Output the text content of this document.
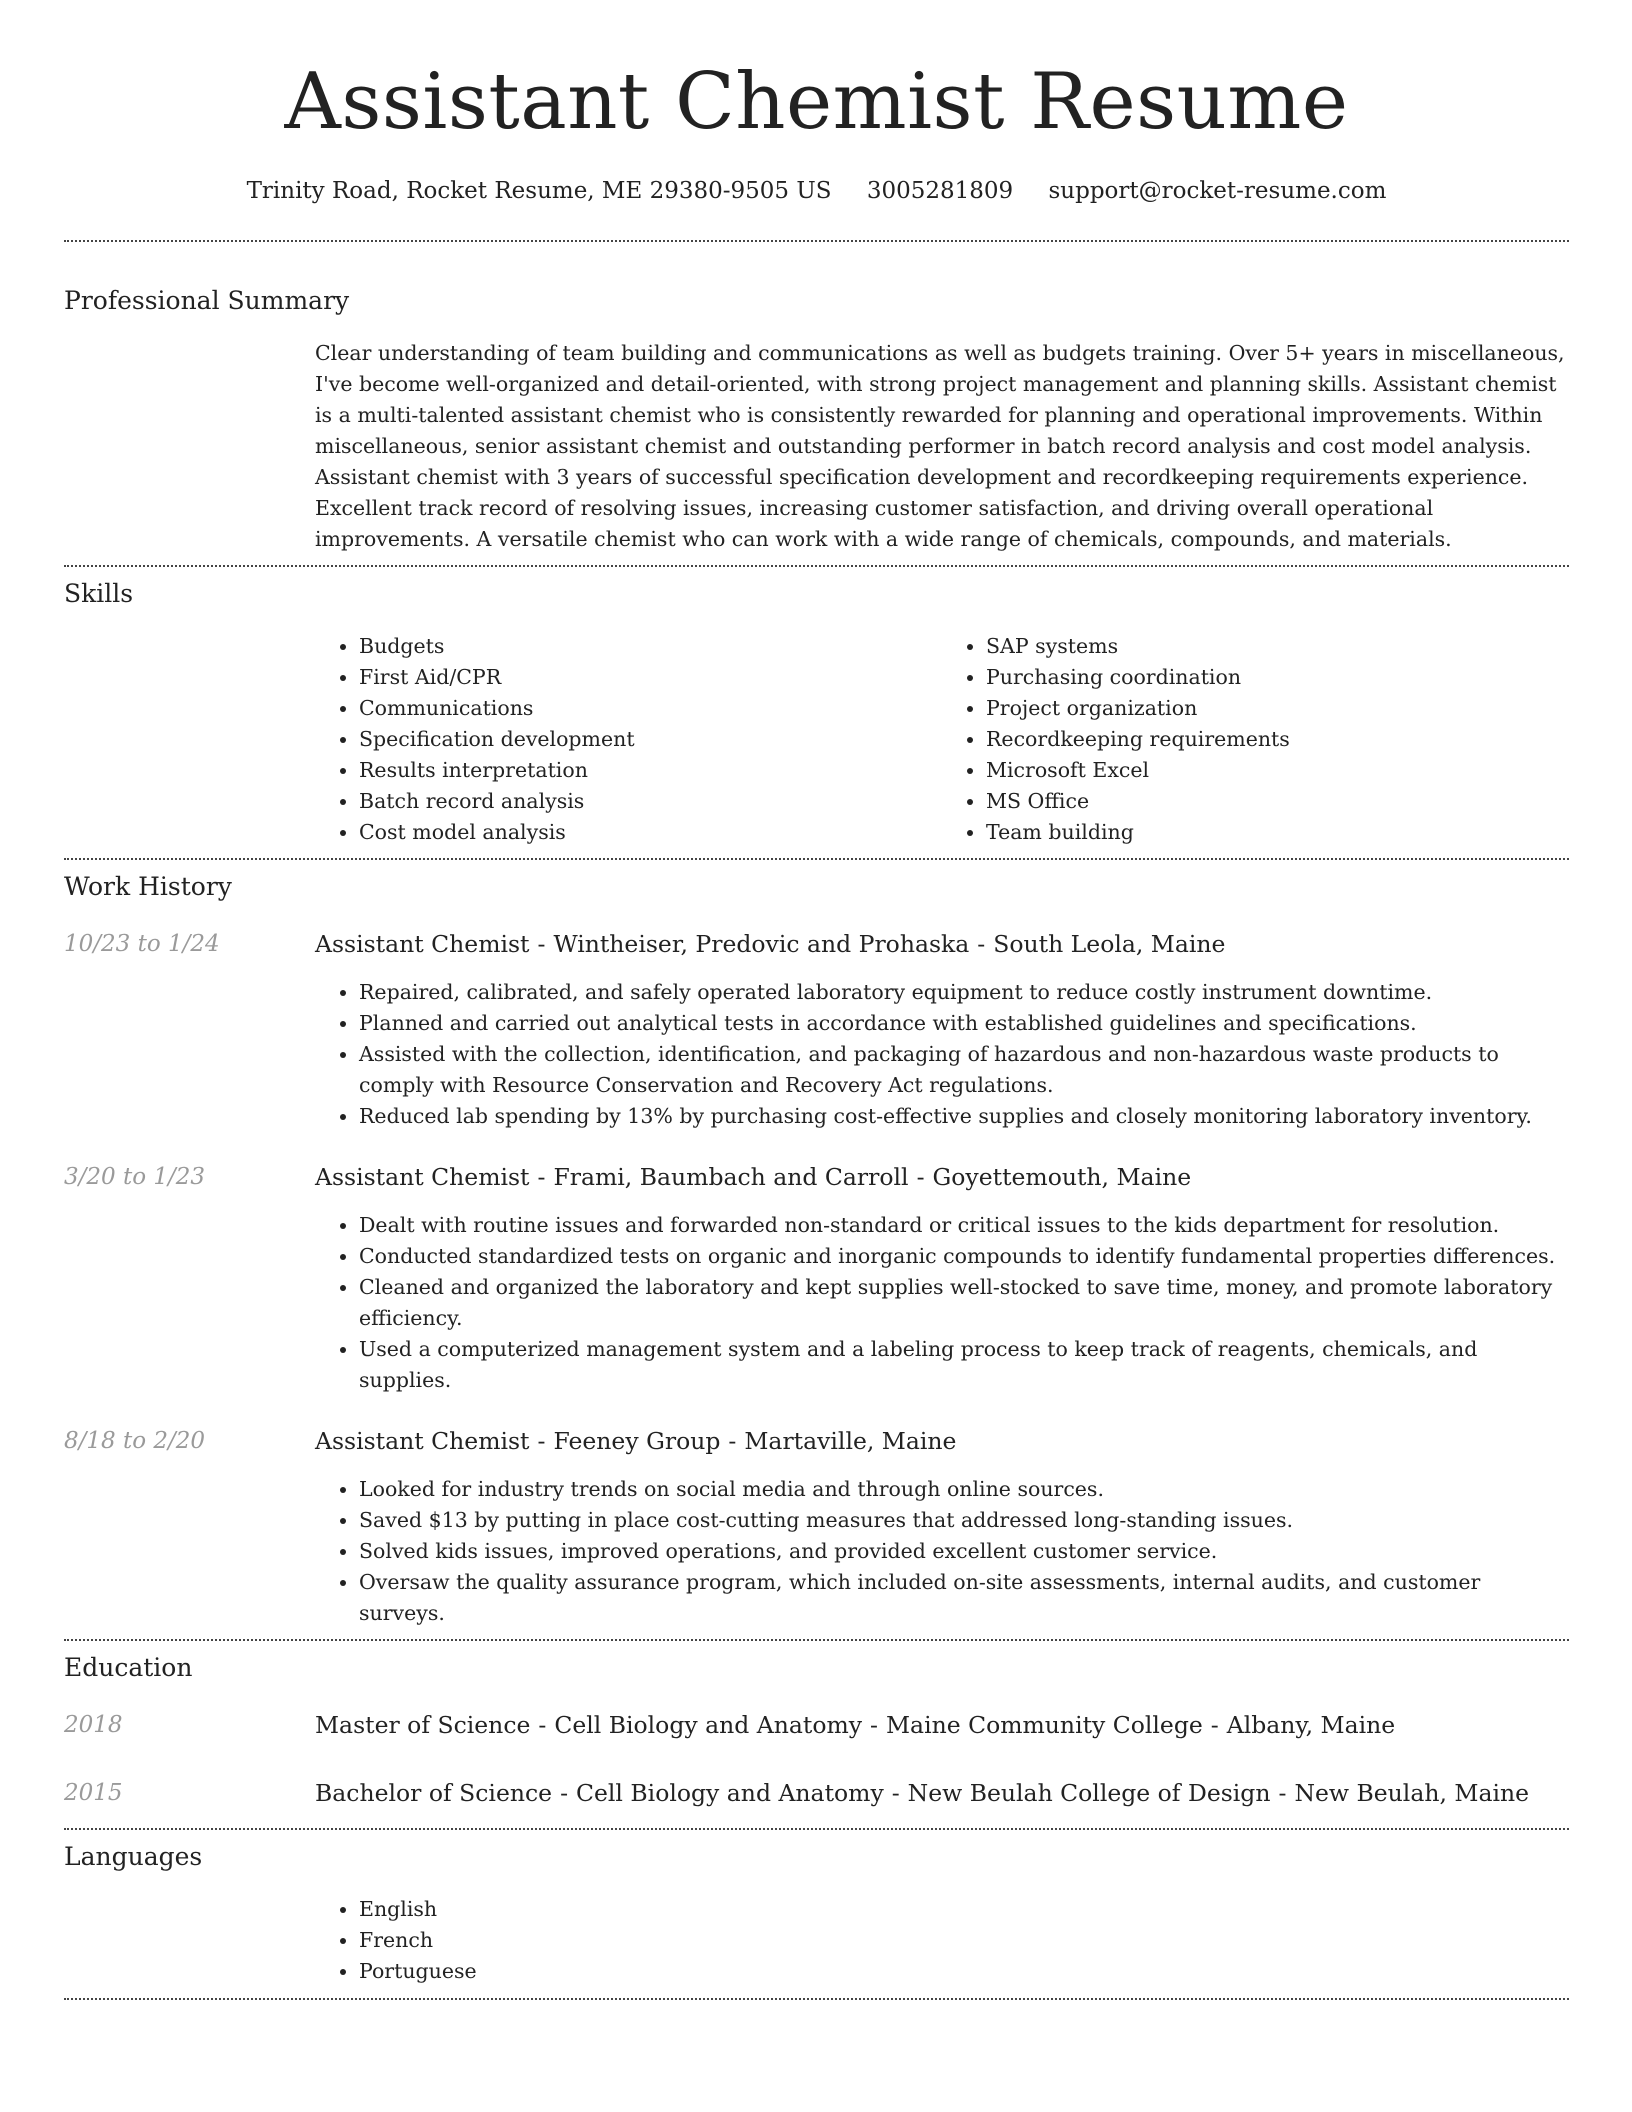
Assistant Chemist Resume
Trinity Road, Rocket Resume, ME 29380-9505 US 3005281809 support@rocket-resume.com
Professional Summary

Clear understanding of team building and communications as well as budgets training. Over 5+ years in miscellaneous, I've become well-organized and detail-oriented, with strong project management and planning skills. Assistant chemist is a multi-talented assistant chemist who is consistently rewarded for planning and operational improvements. Within miscellaneous, senior assistant chemist and outstanding performer in batch record analysis and cost model analysis. Assistant chemist with 3 years of successful specification development and recordkeeping requirements experience. Excellent track record of resolving issues, increasing customer satisfaction, and driving overall operational improvements. A versatile chemist who can work with a wide range of chemicals, compounds, and materials.

Skills
• Budgets
• First Aid/CPR
• Communications
• Specification development
• Results interpretation
• Batch record analysis
• Cost model analysis
• SAP systems
• Purchasing coordination
• Project organization
• Recordkeeping requirements
• Microsoft Excel
• MS Office
• Team building
Work History
10/23 to 1/24	Assistant Chemist - Wintheiser, Predovic and Prohaska - South Leola, Maine
• Repaired, calibrated, and safely operated laboratory equipment to reduce costly instrument downtime.
• Planned and carried out analytical tests in accordance with established guidelines and specifications.
• Assisted with the collection, identification, and packaging of hazardous and non-hazardous waste products to comply with Resource Conservation and Recovery Act regulations.
• Reduced lab spending by 13% by purchasing cost-effective supplies and closely monitoring laboratory inventory.
3/20 to 1/23	Assistant Chemist - Frami, Baumbach and Carroll - Goyettemouth, Maine
• Dealt with routine issues and forwarded non-standard or critical issues to the kids department for resolution.
• Conducted standardized tests on organic and inorganic compounds to identify fundamental properties differences.
• Cleaned and organized the laboratory and kept supplies well-stocked to save time, money, and promote laboratory efficiency.
• Used a computerized management system and a labeling process to keep track of reagents, chemicals, and supplies.
8/18 to 2/20	Assistant Chemist - Feeney Group - Martaville, Maine
• Looked for industry trends on social media and through online sources.
• Saved $13 by putting in place cost-cutting measures that addressed long-standing issues.
• Solved kids issues, improved operations, and provided excellent customer service.
• Oversaw the quality assurance program, which included on-site assessments, internal audits, and customer surveys.
Education
2018	Master of Science - Cell Biology and Anatomy - Maine Community College - Albany, Maine
2015	Bachelor of Science - Cell Biology and Anatomy - New Beulah College of Design - New Beulah, Maine
Languages
• English
• French
• Portuguese
